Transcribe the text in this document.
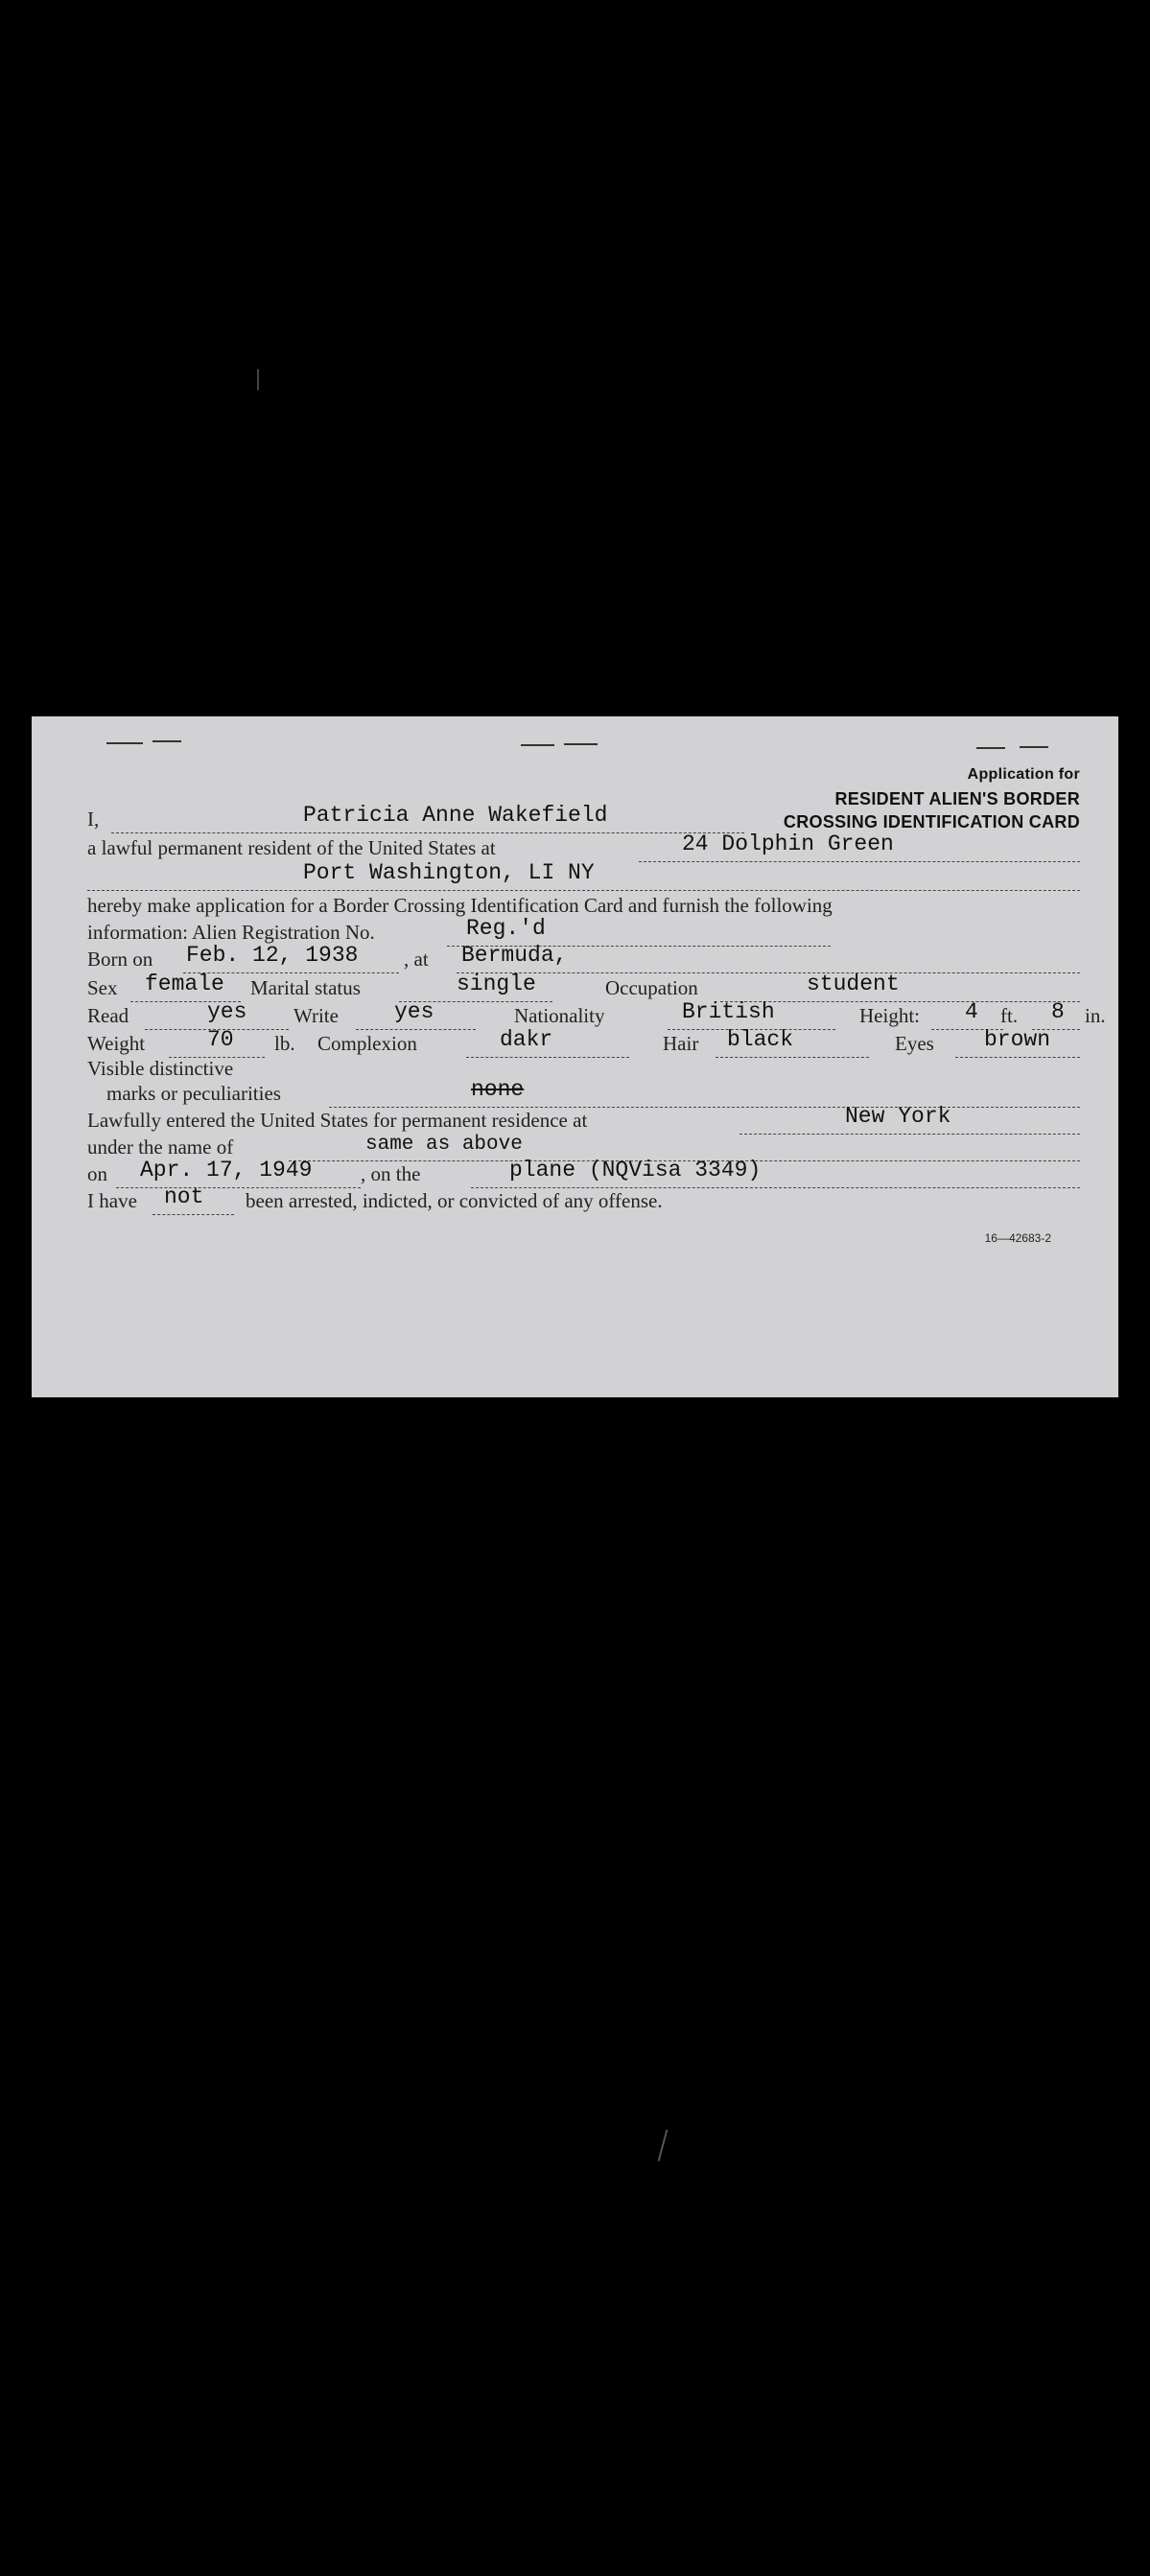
Application for
RESIDENT ALIEN'S BORDER
CROSSING IDENTIFICATION CARD
I,	Patricia Anne Wakefield
a lawful permanent resident of the United States at	24 Dolphin Green
Port Washington, LI NY
hereby make application for a Border Crossing Identification Card and furnish the following
information: Alien Registration No.	Reg.'d
Born on Feb. 12, 1938 , at Bermuda,
Sex female Marital status	single	Occupation	student
Read	yes Write	yes	Nationality	British	Height: 4 ft. 8 in.
Weight	70 lb. Complexion	dakr	Hair black	Eyes brown
Visible distinctive
marks or peculiarities	none
Lawfully entered the United States for permanent residence at	New York
under the name of	same as above
on Apr. 17, 1949 , on the	plane (NQVisa 3349)
I have not been arrested, indicted, or convicted of any offense.
16—42683-2
